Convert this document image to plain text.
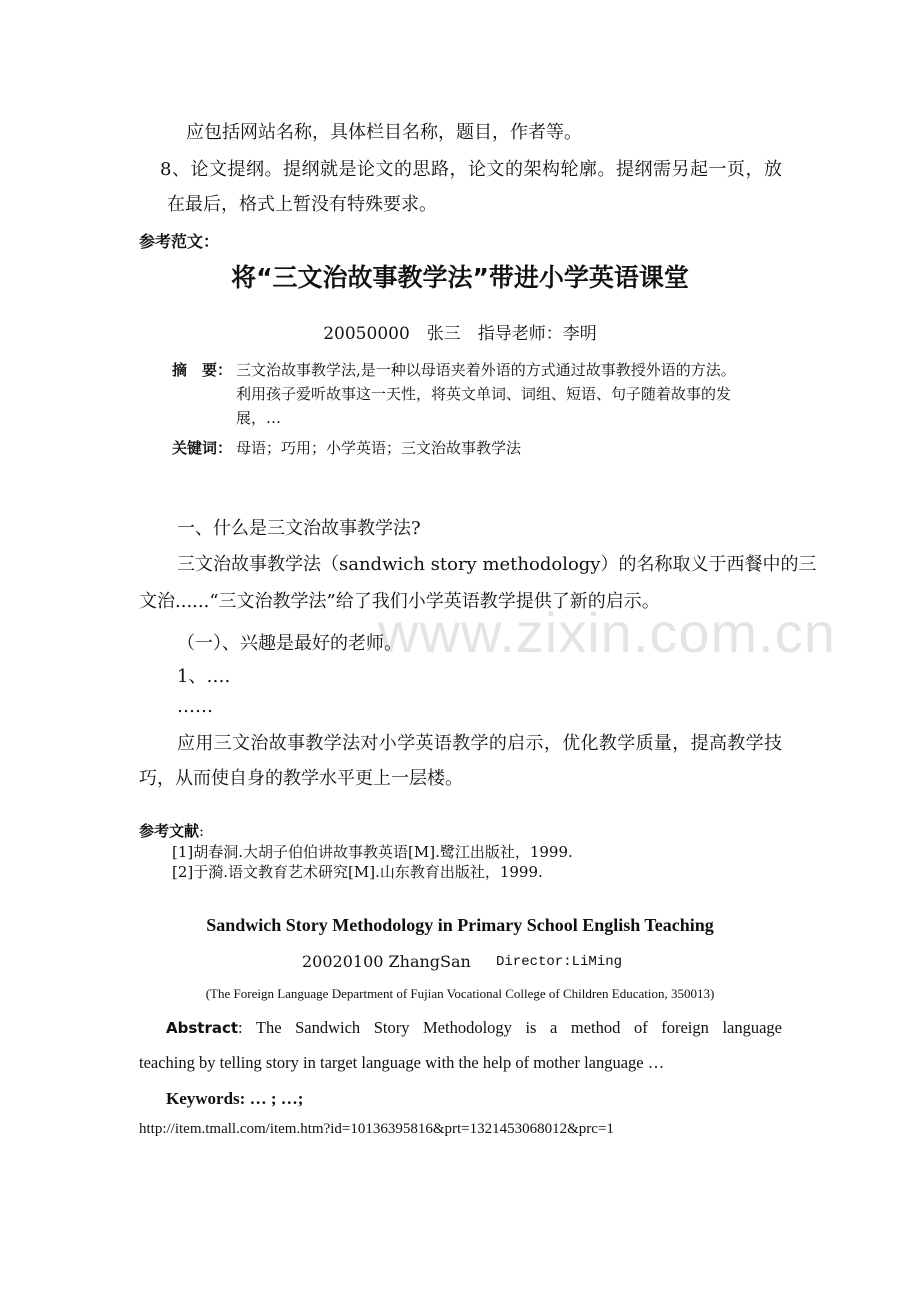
应包括网站名称，具体栏目名称，题目，作者等。
8、论文提纲。提纲就是论文的思路，论文的架构轮廓。提纲需另起一页，放
在最后，格式上暂没有特殊要求。
参考范文：
将“三文治故事教学法”带进小学英语课堂
20050000　张三　指导老师：李明
摘　要： 三文治故事教学法,是一种以母语夹着外语的方式通过故事教授外语的方法。
利用孩子爱听故事这一天性，将英文单词、词组、短语、句子随着故事的发
展，…
关键词： 母语；巧用；小学英语；三文治故事教学法
一、什么是三文治故事教学法?
三文治故事教学法（sandwich story methodology）的名称取义于西餐中的三
文治......“三文治教学法”给了我们小学英语教学提供了新的启示。
（一）、兴趣是最好的老师。
1、….
……
应用三文治故事教学法对小学英语教学的启示，优化教学质量，提高教学技
巧，从而使自身的教学水平更上一层楼。
参考文献:
[1]胡春洞.大胡子伯伯讲故事教英语[M].鹭江出版社，1999.
[2]于漪.语文教育艺术研究[M].山东教育出版社，1999.
Sandwich Story Methodology in Primary School English Teaching
20020100 ZhangSan Director:LiMing
(The Foreign Language Department of Fujian Vocational College of Children Education, 350013)
Abstract: The Sandwich Story Methodology is a method of foreign language
teaching by telling story in target language with the help of mother language …
Keywords: … ; …;
http://item.tmall.com/item.htm?id=10136395816&prt=1321453068012&prc=1
www.zixin.com.cn
